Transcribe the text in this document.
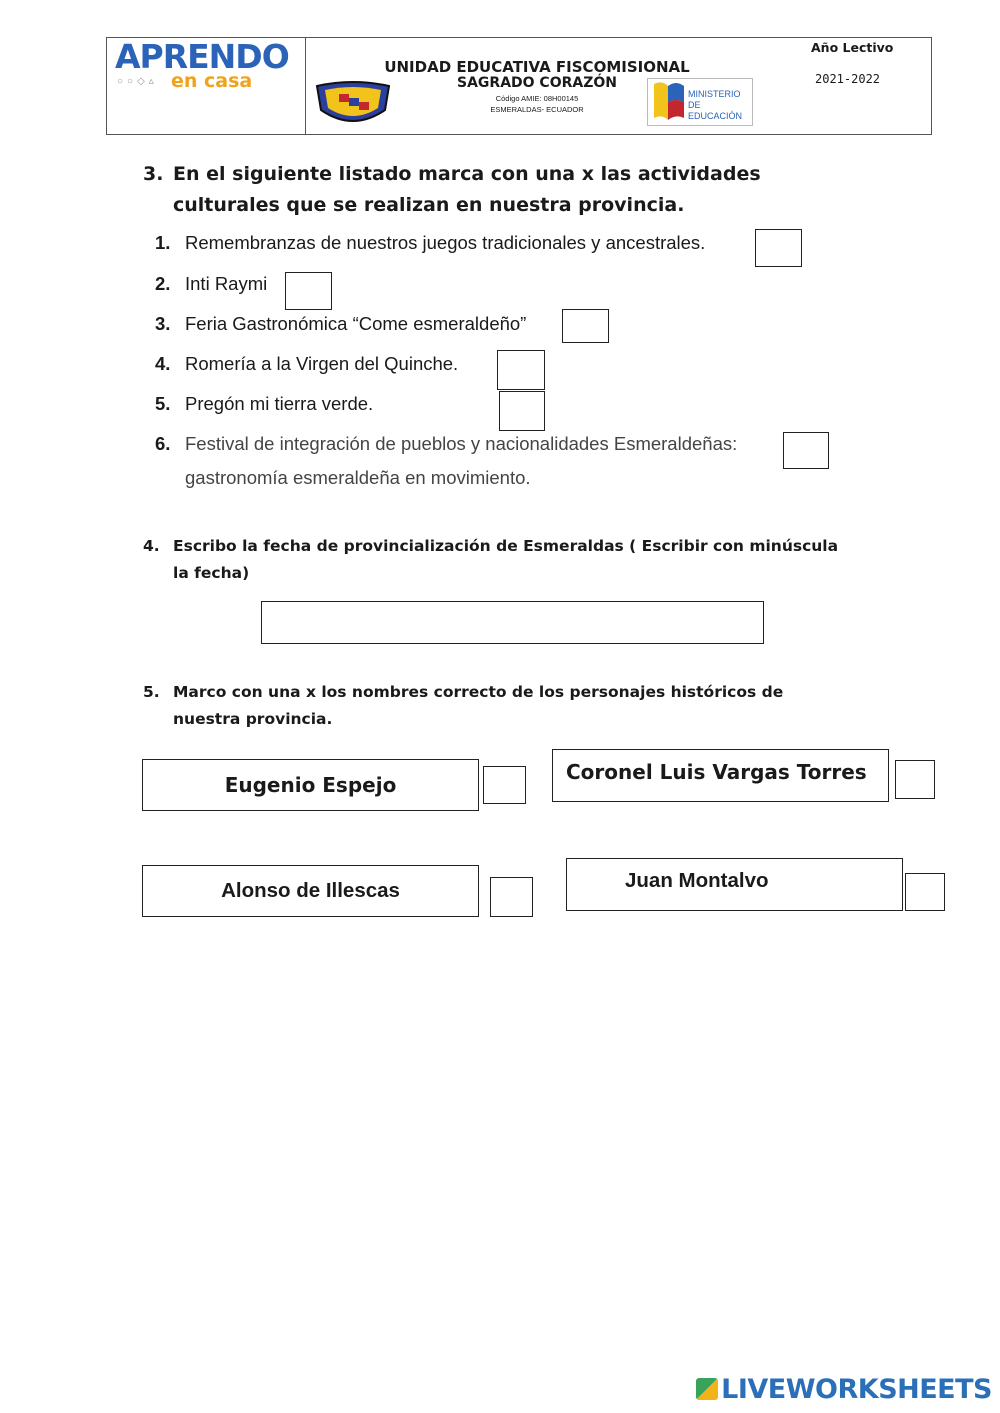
APRENDO
○○◇▵ en casa
UNIDAD EDUCATIVA FISCOMISIONAL
SAGRADO CORAZÓN
Código AMIE: 08H00145
ESMERALDAS- ECUADOR
MINISTERIO
DE EDUCACIÓN
Año Lectivo
2021-2022
3. En el siguiente listado marca con una x las actividades culturales que se realizan en nuestra provincia.
1. Remembranzas de nuestros juegos tradicionales y ancestrales.
2. Inti Raymi
3. Feria Gastronómica “Come esmeraldeño”
4. Romería a la Virgen del Quinche.
5. Pregón mi tierra verde.
6. Festival de integración de pueblos y nacionalidades Esmeraldeñas:
gastronomía esmeraldeña en movimiento.
4. Escribo la fecha de provincialización de Esmeraldas ( Escribir con minúscula la fecha)
5. Marco con una x los nombres correcto de los personajes históricos de nuestra provincia.
Eugenio Espejo
Coronel Luis Vargas Torres
Alonso de Illescas	Juan Montalvo
LIVEWORKSHEETS
